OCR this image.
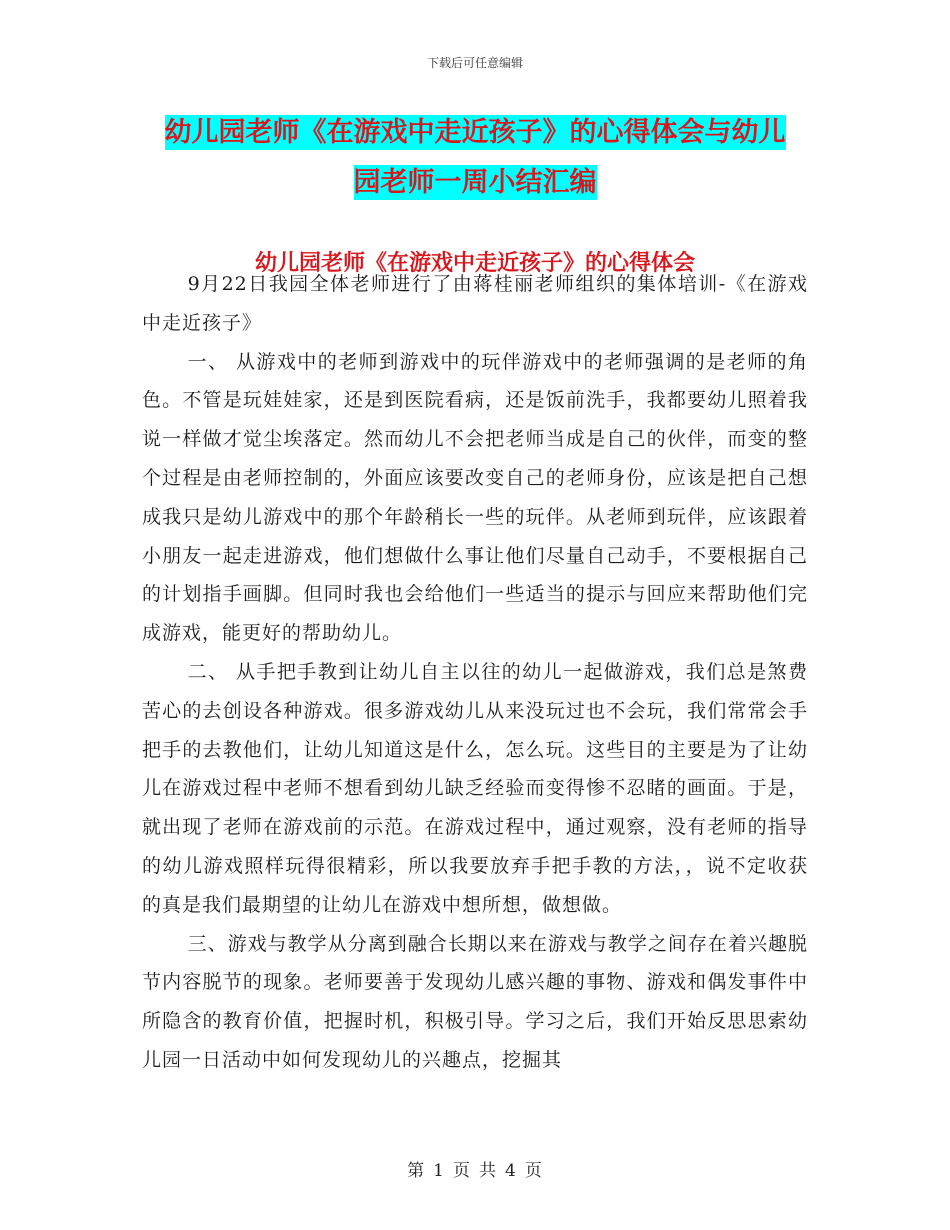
下载后可任意编辑
幼儿园老师《在游戏中走近孩子》的心得体会与幼儿
园老师一周小结汇编
幼儿园老师《在游戏中走近孩子》的心得体会

9月22日我园全体老师进行了由蒋桂丽老师组织的集体培训-《在游戏中走近孩子》

一、 从游戏中的老师到游戏中的玩伴游戏中的老师强调的是老师的角色。不管是玩娃娃家，还是到医院看病，还是饭前洗手，我都要幼儿照着我说一样做才觉尘埃落定。然而幼儿不会把老师当成是自己的伙伴，而变的整个过程是由老师控制的，外面应该要改变自己的老师身份，应该是把自己想成我只是幼儿游戏中的那个年龄稍长一些的玩伴。从老师到玩伴，应该跟着小朋友一起走进游戏，他们想做什么事让他们尽量自己动手，不要根据自己的计划指手画脚。但同时我也会给他们一些适当的提示与回应来帮助他们完成游戏，能更好的帮助幼儿。

二、 从手把手教到让幼儿自主以往的幼儿一起做游戏，我们总是煞费苦心的去创设各种游戏。很多游戏幼儿从来没玩过也不会玩，我们常常会手把手的去教他们，让幼儿知道这是什么，怎么玩。这些目的主要是为了让幼儿在游戏过程中老师不想看到幼儿缺乏经验而变得惨不忍睹的画面。于是，就出现了老师在游戏前的示范。在游戏过程中，通过观察，没有老师的指导的幼儿游戏照样玩得很精彩，所以我要放弃手把手教的方法，，说不定收获的真是我们最期望的让幼儿在游戏中想所想，做想做。

三、游戏与教学从分离到融合长期以来在游戏与教学之间存在着兴趣脱节内容脱节的现象。老师要善于发现幼儿感兴趣的事物、游戏和偶发事件中所隐含的教育价值，把握时机，积极引导。学习之后，我们开始反思思索幼儿园一日活动中如何发现幼儿的兴趣点，挖掘其

第 1 页 共 4 页
